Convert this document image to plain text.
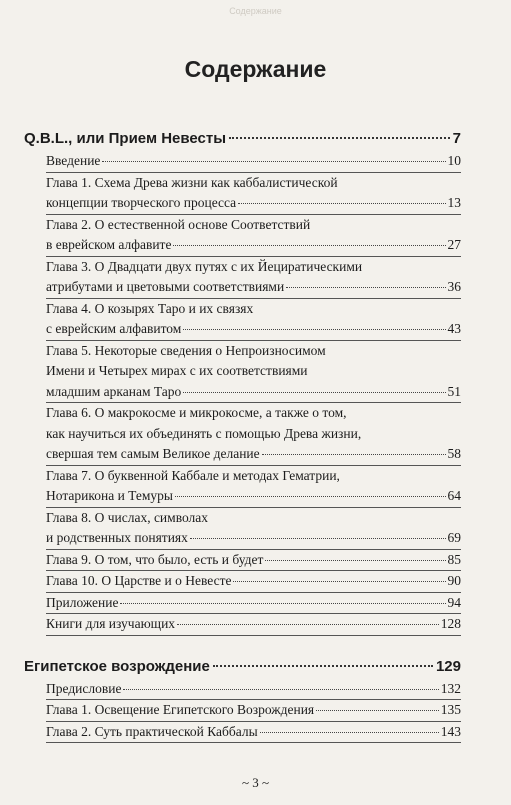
Содержание
Содержание
Q.B.L., или Прием Невесты	7
Введение	10
Глава 1. Схема Древа жизни как каббалистической
концепции творческого процесса	13
Глава 2. О естественной основе Соответствий
в еврейском алфавите	27
Глава 3. О Двадцати двух путях с их Йециратическими
атрибутами и цветовыми соответствиями	36
Глава 4. О козырях Таро и их связях
с еврейским алфавитом	43
Глава 5. Некоторые сведения о Непроизносимом
Имени и Четырех мирах с их соответствиями
младшим арканам Таро	51
Глава 6. О макрокосме и микрокосме, а также о том,
как научиться их объединять с помощью Древа жизни,
свершая тем самым Великое делание	58
Глава 7. О буквенной Каббале и методах Гематрии,
Нотарикона и Темуры	64
Глава 8. О числах, символах
и родственных понятиях	69
Глава 9. О том, что было, есть и будет	85
Глава 10. О Царстве и о Невесте	90
Приложение	94
Книги для изучающих	128
Египетское возрождение	129
Предисловие	132
Глава 1. Освещение Египетского Возрождения	135
Глава 2. Суть практической Каббалы	143
~ 3 ~
